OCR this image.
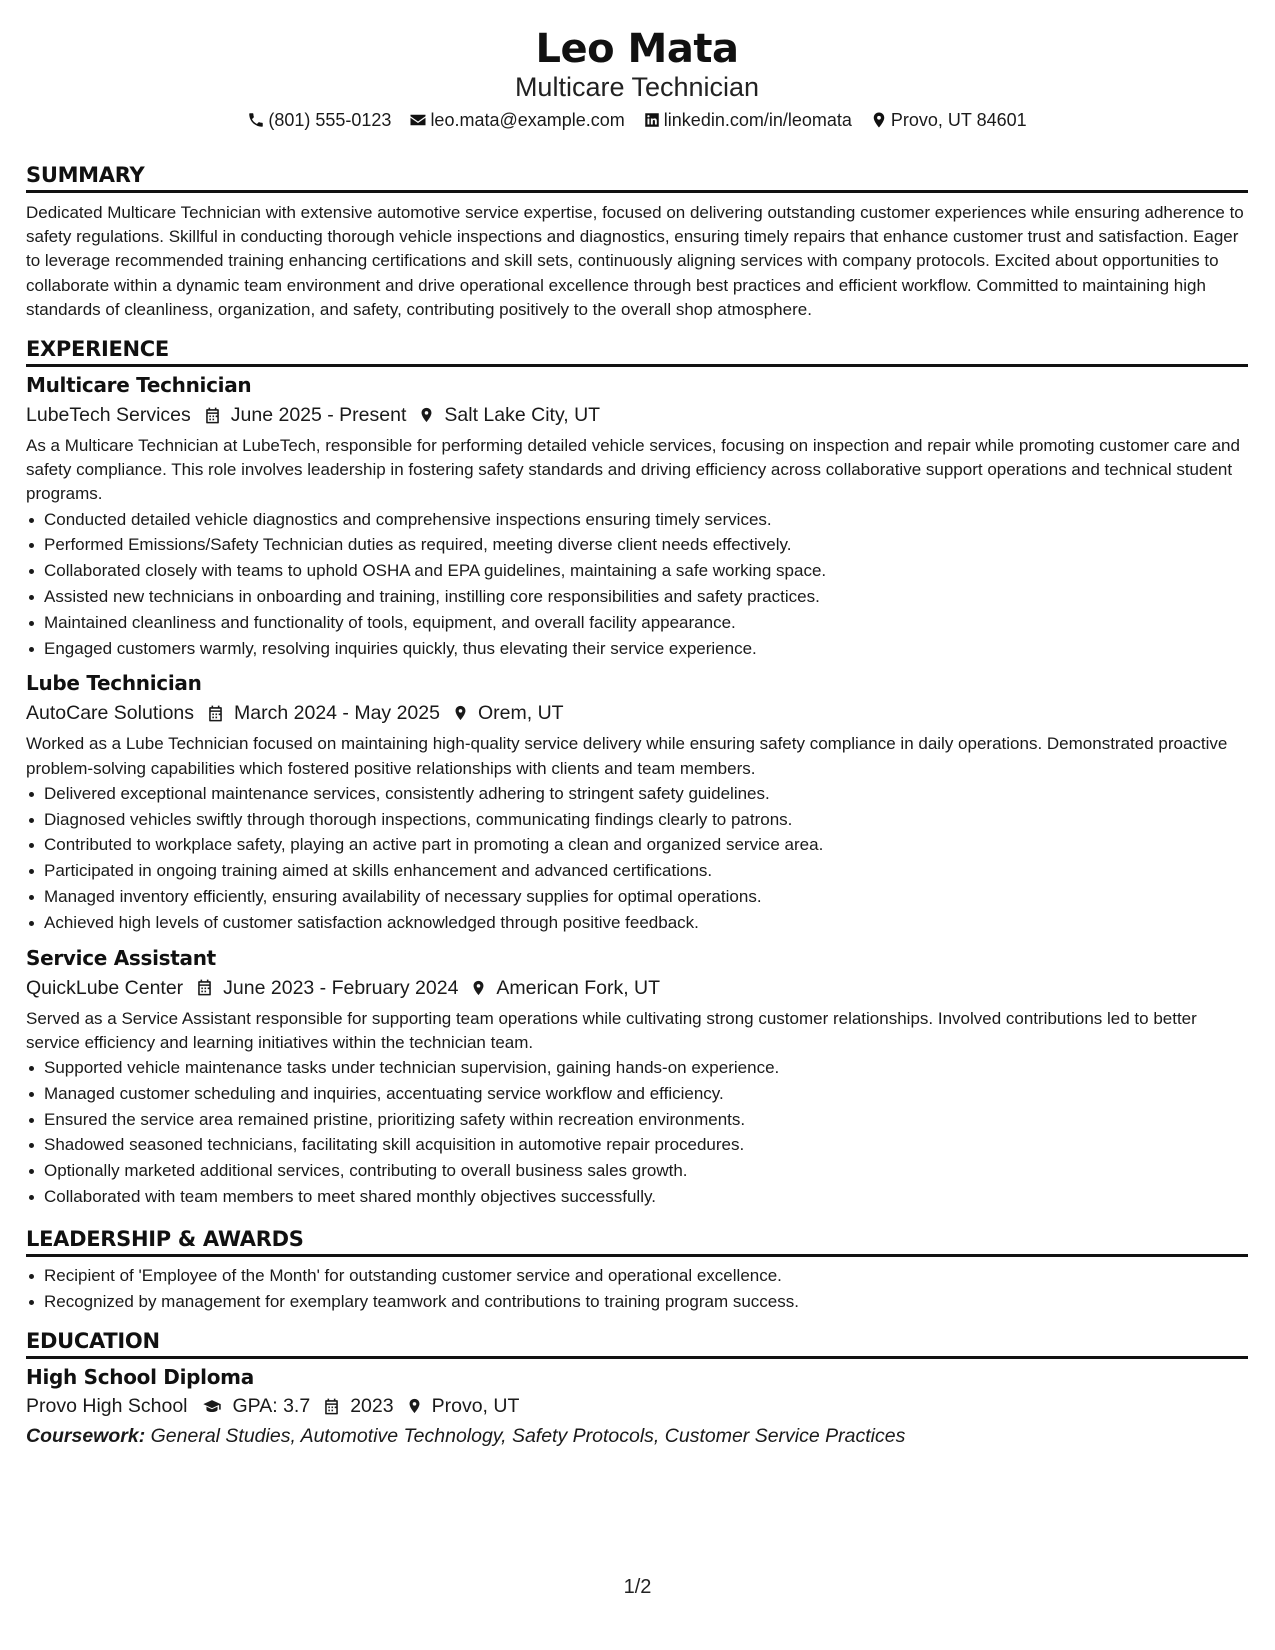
Leo Mata
Multicare Technician
(801) 555-0123 leo.mata@example.com linkedin.com/in/leomata Provo, UT 84601
SUMMARY

Dedicated Multicare Technician with extensive automotive service expertise, focused on delivering outstanding customer experiences while ensuring adherence to safety regulations. Skillful in conducting thorough vehicle inspections and diagnostics, ensuring timely repairs that enhance customer trust and satisfaction. Eager to leverage recommended training enhancing certifications and skill sets, continuously aligning services with company protocols. Excited about opportunities to collaborate within a dynamic team environment and drive operational excellence through best practices and efficient workflow. Committed to maintaining high standards of cleanliness, organization, and safety, contributing positively to the overall shop atmosphere.

EXPERIENCE
Multicare Technician
LubeTech Services June 2025 - Present Salt Lake City, UT

As a Multicare Technician at LubeTech, responsible for performing detailed vehicle services, focusing on inspection and repair while promoting customer care and safety compliance. This role involves leadership in fostering safety standards and driving efficiency across collaborative support operations and technical student programs.

Conducted detailed vehicle diagnostics and comprehensive inspections ensuring timely services.
Performed Emissions/Safety Technician duties as required, meeting diverse client needs effectively.
Collaborated closely with teams to uphold OSHA and EPA guidelines, maintaining a safe working space.
Assisted new technicians in onboarding and training, instilling core responsibilities and safety practices.
Maintained cleanliness and functionality of tools, equipment, and overall facility appearance.
Engaged customers warmly, resolving inquiries quickly, thus elevating their service experience.
Lube Technician
AutoCare Solutions March 2024 - May 2025 Orem, UT

Worked as a Lube Technician focused on maintaining high-quality service delivery while ensuring safety compliance in daily operations. Demonstrated proactive problem-solving capabilities which fostered positive relationships with clients and team members.

Delivered exceptional maintenance services, consistently adhering to stringent safety guidelines.
Diagnosed vehicles swiftly through thorough inspections, communicating findings clearly to patrons.
Contributed to workplace safety, playing an active part in promoting a clean and organized service area.
Participated in ongoing training aimed at skills enhancement and advanced certifications.
Managed inventory efficiently, ensuring availability of necessary supplies for optimal operations.
Achieved high levels of customer satisfaction acknowledged through positive feedback.
Service Assistant
QuickLube Center June 2023 - February 2024 American Fork, UT

Served as a Service Assistant responsible for supporting team operations while cultivating strong customer relationships. Involved contributions led to better service efficiency and learning initiatives within the technician team.

Supported vehicle maintenance tasks under technician supervision, gaining hands-on experience.
Managed customer scheduling and inquiries, accentuating service workflow and efficiency.
Ensured the service area remained pristine, prioritizing safety within recreation environments.
Shadowed seasoned technicians, facilitating skill acquisition in automotive repair procedures.
Optionally marketed additional services, contributing to overall business sales growth.
Collaborated with team members to meet shared monthly objectives successfully.
LEADERSHIP & AWARDS
Recipient of 'Employee of the Month' for outstanding customer service and operational excellence.
Recognized by management for exemplary teamwork and contributions to training program success.
EDUCATION
High School Diploma
Provo High School GPA: 3.7 2023 Provo, UT
Coursework: General Studies, Automotive Technology, Safety Protocols, Customer Service Practices
1/2
